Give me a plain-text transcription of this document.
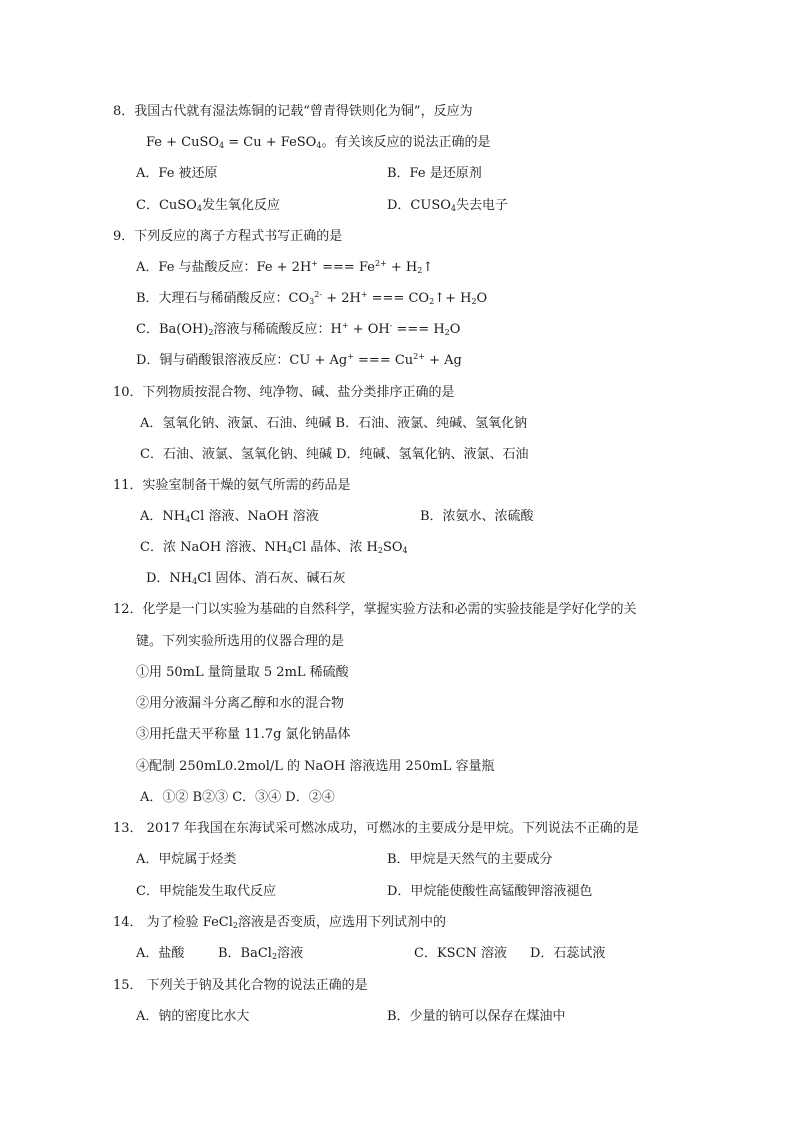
8．我国古代就有湿法炼铜的记载“曾青得铁则化为铜”，反应为
Fe + CuSO$_4$ = Cu + FeSO$_4$。有关该反应的说法正确的是
A．Fe 被还原	B．Fe 是还原剂
C．CuSO$_4$发生氧化反应	D．$CUSO_4$失去电子
9．下列反应的离子方程式书写正确的是
A．Fe 与盐酸反应：Fe + 2H+ === $Fe^{2+}$ + $H_2↑$
B．大理石与稀硝酸反应：$CO_3^{2-} + 2H^+$ === $CO_2↑+ H_2O$
C．$Ba(OH)_2$溶液与稀硫酸反应：H+ + OH- === $H_2O$
D．铜与硝酸银溶液反应：CU + Ag+ === $Cu^{2+} + Ag$
10．下列物质按混合物、纯净物、碱、盐分类排序正确的是
A．氢氧化钠、液氯、石油、纯碱 B．石油、液氯、纯碱、氢氧化钠
C．石油、液氯、氢氧化钠、纯碱 D．纯碱、氢氧化钠、液氯、石油
11．实验室制备干燥的氨气所需的药品是
A．$NH_4Cl$ 溶液、NaOH 溶液	B．浓氨水、浓硫酸
C．浓 NaOH 溶液、$NH_4Cl$ 晶体、浓 $H_2SO_4$
D．$NH_4Cl$ 固体、消石灰、碱石灰
12．化学是一门以实验为基础的自然科学，掌握实验方法和必需的实验技能是学好化学的关
键。下列实验所选用的仪器合理的是
①用 50mL 量筒量取 5 2mL 稀硫酸
②用分液漏斗分离乙醇和水的混合物
③用托盘天平称量 11.7g 氯化钠晶体
④配制 250mL0.2mol/L 的 NaOH 溶液选用 250mL 容量瓶
A．①② B②③ C．③④ D．②④
13． 2017 年我国在东海试采可燃冰成功，可燃冰的主要成分是甲烷。下列说法不正确的是
A．甲烷属于烃类	B．甲烷是天然气的主要成分
C．甲烷能发生取代反应	D．甲烷能使酸性高锰酸钾溶液褪色
14． 为了检验 FeCl$_2$溶液是否变质，应选用下列试剂中的
A．盐酸	B．BaCl$_2$溶液	C．KSCN 溶液 D．石蕊试液
15． 下列关于钠及其化合物的说法正确的是
A．钠的密度比水大	B．少量的钠可以保存在煤油中
